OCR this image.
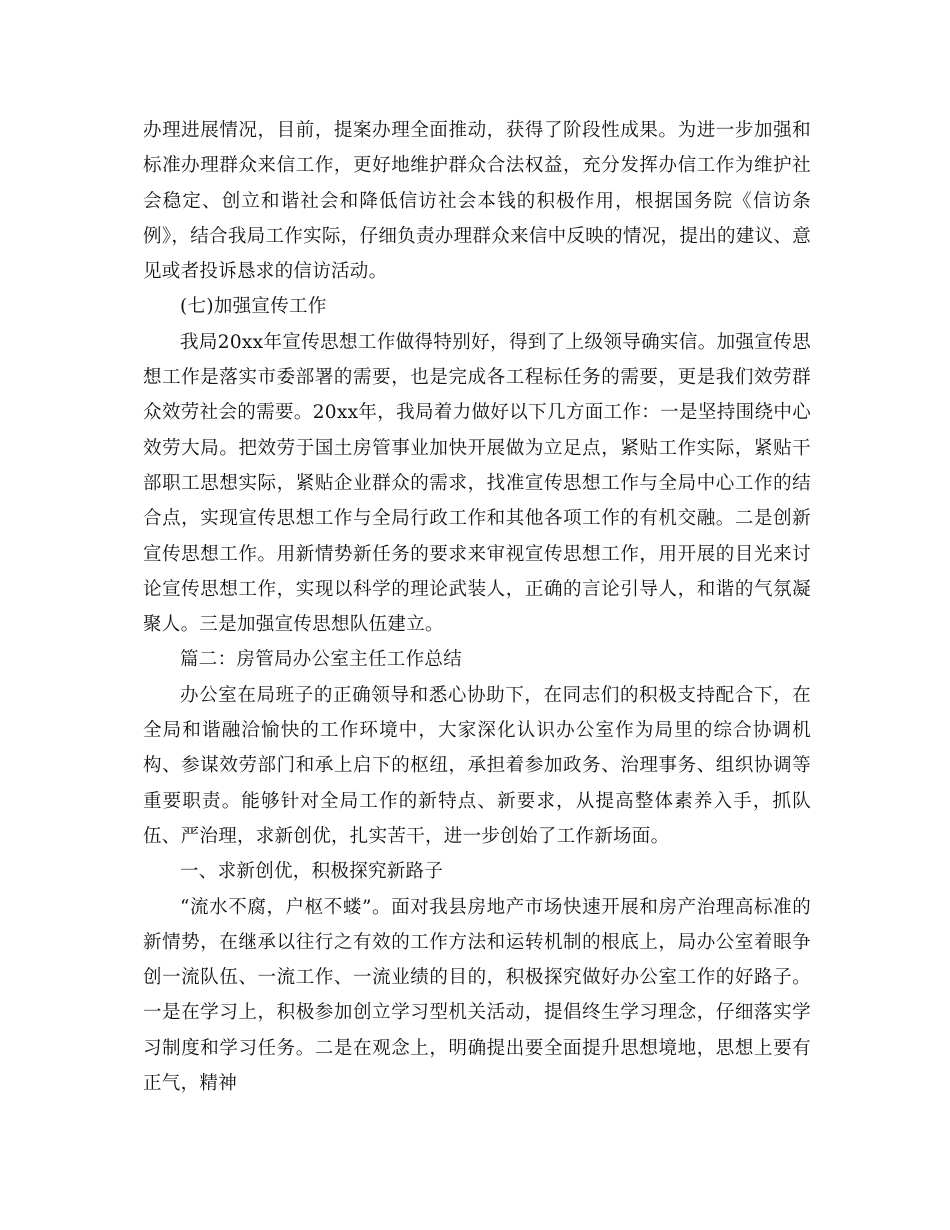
办理进展情况，目前，提案办理全面推动，获得了阶段性成果。为进一步加强和标准办理群众来信工作，更好地维护群众合法权益，充分发挥办信工作为维护社会稳定、创立和谐社会和降低信访社会本钱的积极作用，根据国务院《信访条例》，结合我局工作实际，仔细负责办理群众来信中反映的情况，提出的建议、意见或者投诉恳求的信访活动。

(七)加强宣传工作

我局20xx年宣传思想工作做得特别好，得到了上级领导确实信。加强宣传思想工作是落实市委部署的需要，也是完成各工程标任务的需要，更是我们效劳群众效劳社会的需要。20xx年，我局着力做好以下几方面工作：一是坚持围绕中心效劳大局。把效劳于国土房管事业加快开展做为立足点，紧贴工作实际，紧贴干部职工思想实际，紧贴企业群众的需求，找准宣传思想工作与全局中心工作的结合点，实现宣传思想工作与全局行政工作和其他各项工作的有机交融。二是创新宣传思想工作。用新情势新任务的要求来审视宣传思想工作，用开展的目光来讨论宣传思想工作，实现以科学的理论武装人，正确的言论引导人，和谐的气氛凝聚人。三是加强宣传思想队伍建立。

篇二：房管局办公室主任工作总结

办公室在局班子的正确领导和悉心协助下，在同志们的积极支持配合下，在全局和谐融洽愉快的工作环境中，大家深化认识办公室作为局里的综合协调机构、参谋效劳部门和承上启下的枢纽，承担着参加政务、治理事务、组织协调等重要职责。能够针对全局工作的新特点、新要求，从提高整体素养入手，抓队伍、严治理，求新创优，扎实苦干，进一步创始了工作新场面。

一、求新创优，积极探究新路子

“流水不腐，户枢不蝼”。面对我县房地产市场快速开展和房产治理高标准的新情势，在继承以往行之有效的工作方法和运转机制的根底上，局办公室着眼争创一流队伍、一流工作、一流业绩的目的，积极探究做好办公室工作的好路子。一是在学习上，积极参加创立学习型机关活动，提倡终生学习理念，仔细落实学习制度和学习任务。二是在观念上，明确提出要全面提升思想境地，思想上要有正气，精神
